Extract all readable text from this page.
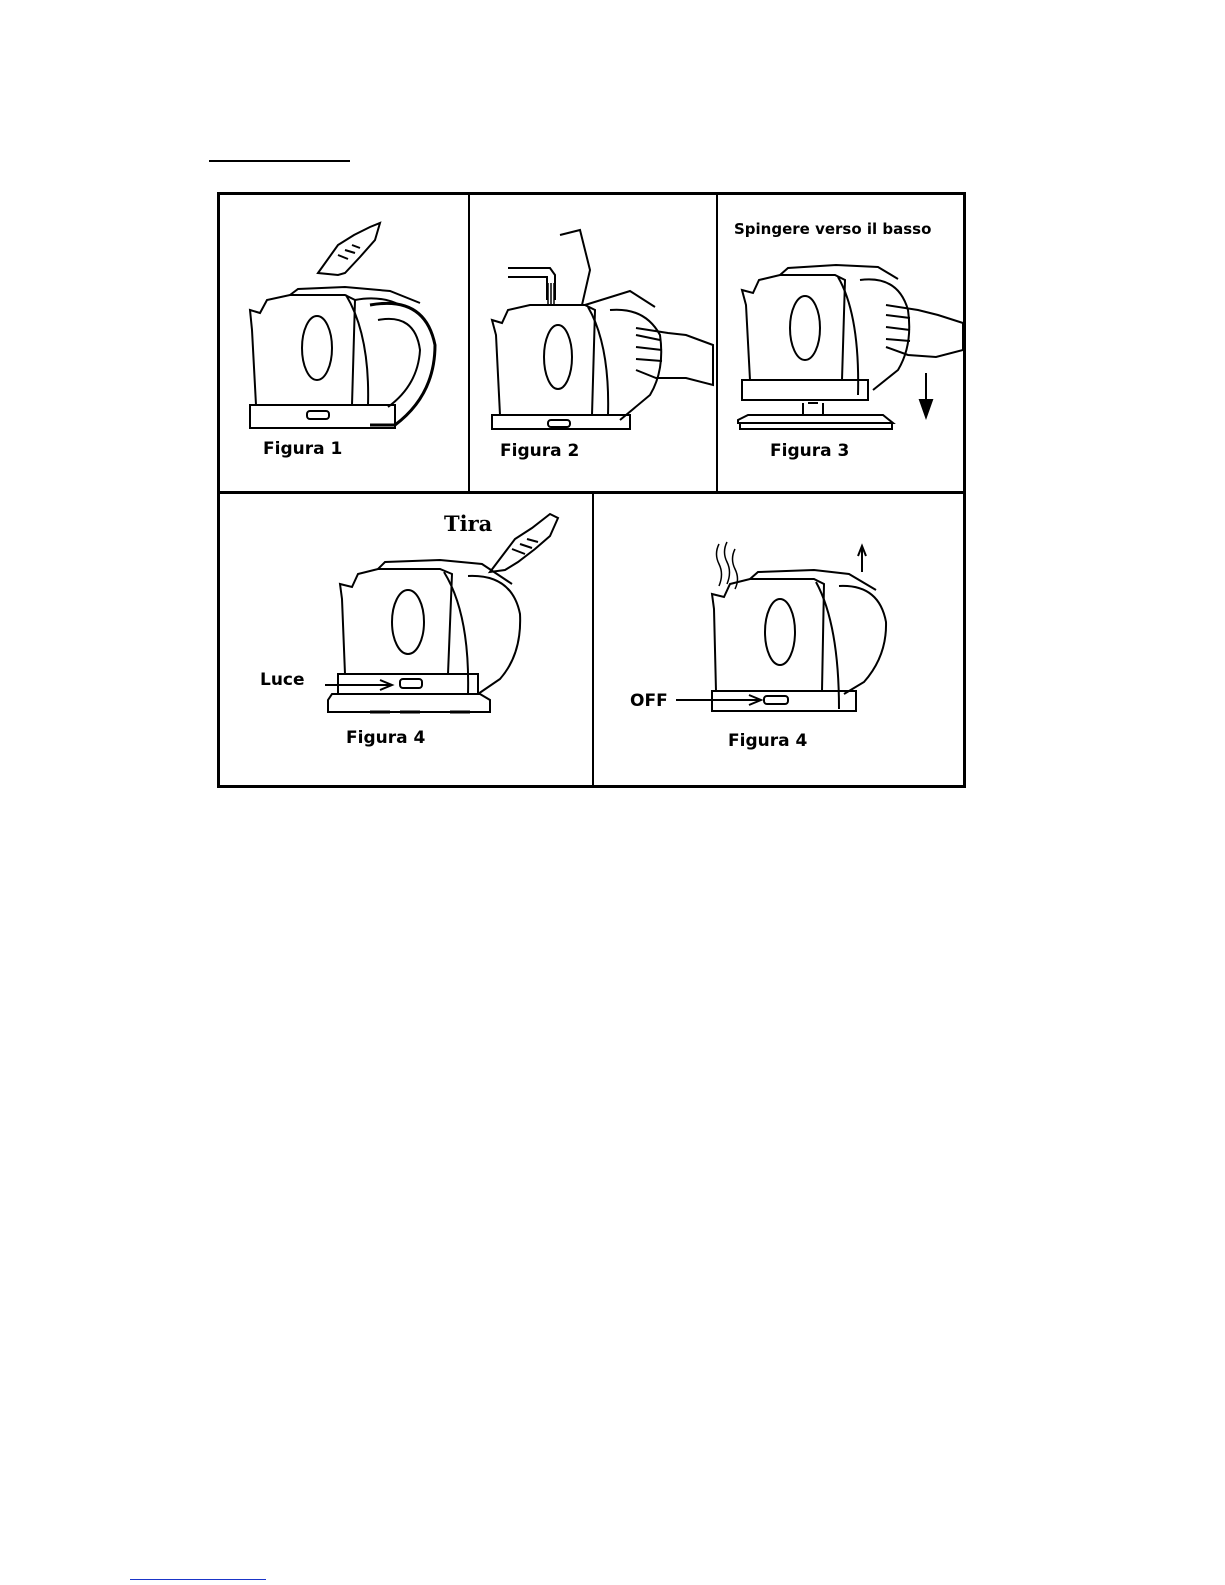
Figura 1	Figura 2
Spingere verso il basso
Figura 3
Tira
Luce
Figura 4
OFF
Figura 4
